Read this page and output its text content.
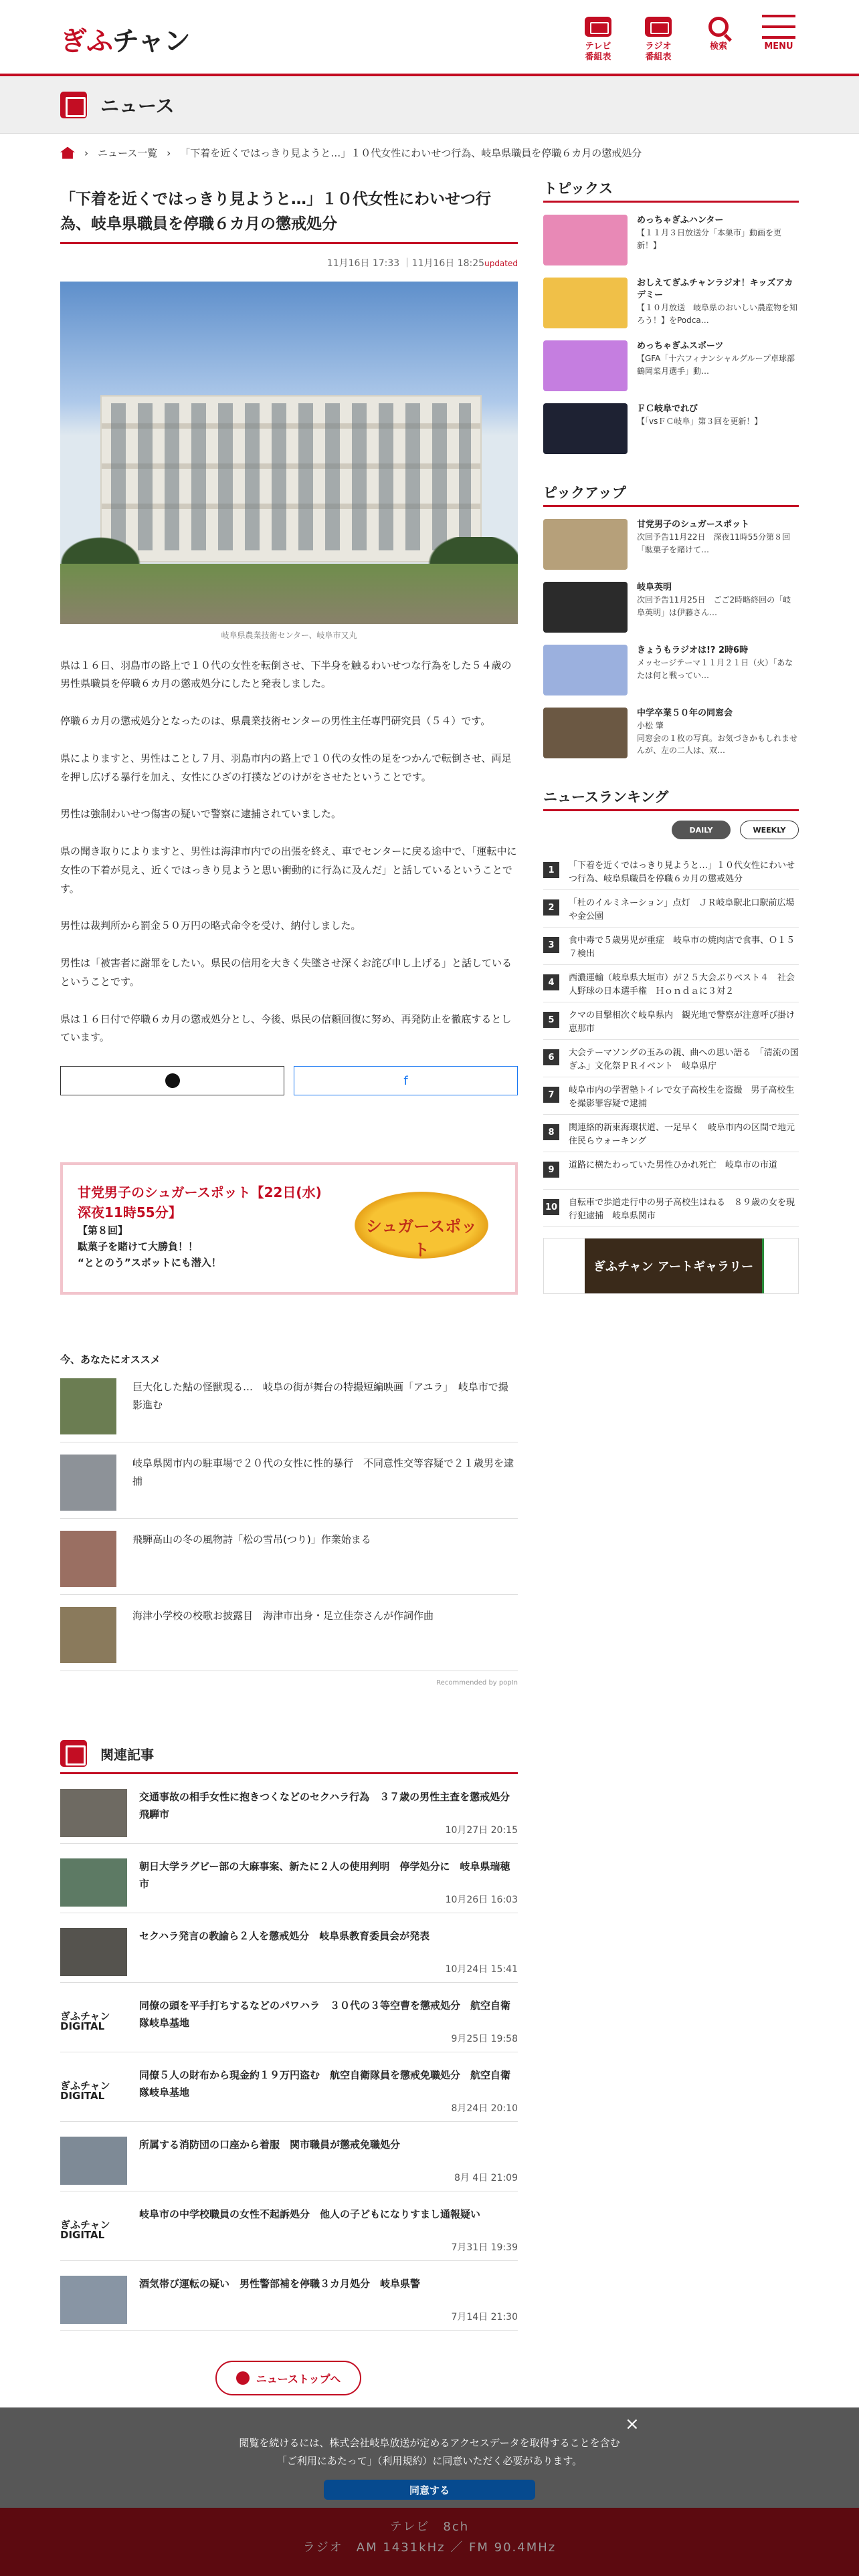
ぎふチャン	テレビ
番組表
ラジオ
番組表
検索	MENU
ニュース
› ニュース一覧 › 「下着を近くではっきり見ようと…」１０代女性にわいせつ行為、岐阜県職員を停職６カ月の懲戒処分
「下着を近くではっきり見ようと…」１０代女性にわいせつ行為、岐阜県職員を停職６カ月の懲戒処分
11月16日 17:33 ｜11月16日 18:25updated
岐阜県農業技術センター、岐阜市又丸

県は１６日、羽島市の路上で１０代の女性を転倒させ、下半身を触るわいせつな行為をした５４歳の男性県職員を停職６カ月の懲戒処分にしたと発表しました。

停職６カ月の懲戒処分となったのは、県農業技術センターの男性主任専門研究員（５４）です。

県によりますと、男性はことし７月、羽島市内の路上で１０代の女性の足をつかんで転倒させ、両足を押し広げる暴行を加え、女性にひざの打撲などのけがをさせたということです。

男性は強制わいせつ傷害の疑いで警察に逮捕されていました。

県の聞き取りによりますと、男性は海津市内での出張を終え、車でセンターに戻る途中で、「運転中に女性の下着が見え、近くではっきり見ようと思い衝動的に行為に及んだ」と話しているということです。

男性は裁判所から罰金５０万円の略式命令を受け、納付しました。

男性は「被害者に謝罪をしたい。県民の信用を大きく失墜させ深くお詫び申し上げる」と話しているということです。

県は１６日付で停職６カ月の懲戒処分とし、今後、県民の信頼回復に努め、再発防止を徹底するとしています。

f
甘党男子のシュガースポット【22日(水)
深夜11時55分】
【第８回】
駄菓子を賭けて大勝負！！
“ととのう”スポットにも潜入！
シュガースポット
今、あなたにオススメ
巨大化した鮎の怪獣現る…　岐阜の街が舞台の特撮短編映画「アユラ」　岐阜市で撮影進む
岐阜県関市内の駐車場で２０代の女性に性的暴行　不同意性交等容疑で２１歳男を逮捕
飛騨高山の冬の風物詩「松の雪吊(つり)」作業始まる
海津小学校の校歌お披露目　海津市出身・足立佳奈さんが作詞作曲
Recommended by popIn
関連記事
交通事故の相手女性に抱きつくなどのセクハラ行為　３７歳の男性主査を懲戒処分　飛騨市
10月27日 20:15
朝日大学ラグビー部の大麻事案、新たに２人の使用判明　停学処分に　岐阜県瑞穂市
10月26日 16:03
セクハラ発言の教諭ら２人を懲戒処分　岐阜県教育委員会が発表
10月24日 15:41
ぎふチャン DIGITAL
同僚の頭を平手打ちするなどのパワハラ　３０代の３等空曹を懲戒処分　航空自衛隊岐阜基地
9月25日 19:58
ぎふチャン DIGITAL
同僚５人の財布から現金約１９万円盗む　航空自衛隊員を懲戒免職処分　航空自衛隊岐阜基地
8月24日 20:10
所属する消防団の口座から着服　関市職員が懲戒免職処分
8月 4日 21:09
ぎふチャン DIGITAL
岐阜市の中学校職員の女性不起訴処分　他人の子どもになりすまし通報疑い
7月31日 19:39
酒気帯び運転の疑い　男性警部補を停職３カ月処分　岐阜県警
7月14日 21:30
ニューストップへ
トピックス
めっちゃぎふハンター
【１１月３日放送分「本巣市」動画を更新！】
おしえてぎふチャンラジオ！キッズアカデミー
【１０月放送　岐阜県のおいしい農産物を知ろう！】をPodca…
めっちゃぎふスポーツ
【GFA「十六フィナンシャルグループ卓球部　鶴岡菜月選手」動…
ＦＣ岐阜でれび
【「vsＦＣ岐阜」第３回を更新！】
ピックアップ
甘党男子のシュガースポット
次回予告11月22日　深夜11時55分第８回「駄菓子を賭けて…
岐阜英明
次回予告11月25日　ごご2時略終回の「岐阜英明」は伊藤さん…
きょうもラジオは!? 2時6時
メッセージテーマ１１月２１日（火）「あなたは何と戦ってい…
中学卒業５０年の同窓会
小松 肇
同窓会の１枚の写真。お気づきかもしれませんが、左の二人は、双…
ニュースランキング
DAILY	WEEKLY
1	「下着を近くではっきり見ようと…」１０代女性にわいせつ行為、岐阜県職員を停職６カ月の懲戒処分
2	「杜のイルミネーション」点灯　ＪＲ岐阜駅北口駅前広場や金公園
3	食中毒で５歳男児が重症　岐阜市の焼肉店で食事、Ｏ１５７検出
4	西濃運輸（岐阜県大垣市）が２５大会ぶりベスト４　社会人野球の日本選手権　Ｈｏｎｄａに３対２
5	クマの目撃相次ぐ岐阜県内　観光地で警察が注意呼び掛け　恵那市
6	大会テーマソングの玉みの親、曲への思い語る　「清流の国ぎふ」文化祭ＰＲイベント　岐阜県庁
7	岐阜市内の学習塾トイレで女子高校生を盗撮　男子高校生を撮影罪容疑で逮捕
8	関連絡的新東海環状道、一足早く　岐阜市内の区間で地元住民らウォーキング
9	道路に横たわっていた男性ひかれ死亡　岐阜市の市道
10 自転車で歩道走行中の男子高校生はねる　８９歳の女を現行犯逮捕　岐阜県関市
ぎふチャン アートギャラリー
×

閲覧を続けるには、株式会社岐阜放送が定めるアクセスデータを取得することを含む
「ご利用にあたって」（利用規約）に同意いただく必要があります。

同意する
テレビ　8ch
ラジオ　AM 1431kHz ／ FM 90.4MHz
